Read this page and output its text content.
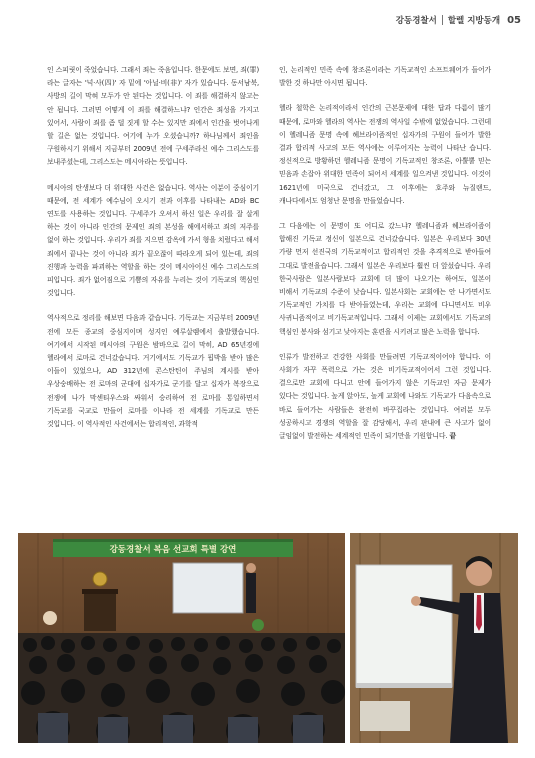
강동경찰서 할렐 지방동개 05

인 스피릿이 죽었습니다. 그래서 죄는 죽음입니다. 한문에도 보면, 죄(罪)라는 글자는 '넉·사(四)' 자 밑에 '아닐·비(非)' 자가 있습니다. 동서남북, 사방의 길이 막혀 모두가 안 된다는 것입니다. 이 죄를 해결하지 않고는 안 됩니다. 그러면 어떻게 이 죄를 해결하느냐? 인간은 죄성을 가지고 있어서, 사람이 죄를 좀 덜 짓게 할 수는 있지만 죄에서 인간을 벗어나게 할 길은 없는 것입니다. 여기에 누가 오셨습니까? 하나님께서 죄인을 구원하시기 위해서 지금부터 2009년 전에 구세주라신 예수 그리스도를 보내주셨는데, 그리스도는 메시아라는 뜻입니다.

메시아의 탄생보다 더 위대한 사건은 없습니다. 역사는 이분이 중심이기 때문에, 전 세계가 예수님이 오시기 전과 이후를 나타내는 AD와 BC 연도를 사용하는 것입니다. 구세주가 오셔서 하신 일은 우리를 잘 살게 하는 것이 아니라 인간의 문제인 죄의 본성을 해에서하고 죄의 저주를 없이 하는 것입니다. 우리가 죄를 지으면 감옥에 가서 형을 치렀다고 해서 죄에서 끝나는 것이 아니라 죄가 끝오잖이 따라오게 되어 있는데, 죄의 진행과 능력을 파괴하는 역할을 하는 것이 메시아이신 예수 그리스도의 피입니다. 죄가 없어짐으로 기쁨의 자유를 누리는 것이 기독교의 핵심인 것입니다.

역사적으로 정리를 해보면 다음과 같습니다. 기독교는 지금부터 2009년 전에 모든 종교의 중심지이며 성지인 예루살렘에서 출발했습니다. 여기에서 시작된 메시아의 구원은 밤바으로 길이 막히, AD 65년경에 헬라에서 로마로 건너갔습니다. 거기에서도 기독교가 핍박을 받아 많은 이들이 있었으나, AD 312년에 콘스탄틴이 주님의 계시를 받아 우상숭배하는 전 로마의 군대에 십자가로 군기를 달고 십자가 복장으로 전쟁에 나가 막센티우스와 싸워서 승리하여 전 로마를 통일하면서 기독교를 국교로 만들어 로마를 이나라 전 세계를 기독교로 만든 것입니다. 이 역사적인 사건에서는 합리적인, 과학적

인, 논리적인 민족 속에 창조론이라는 기독교적인 소프트웨어가 들어가 발한 것 하나만 아시면 됩니다.

헬라 철학은 논리적이라서 인간의 근본문제에 대한 답과 다름이 많기 때문에, 로마와 헬라의 역사는 전쟁의 역사일 수밖에 없었습니다. 그런데 이 헬레니즘 문명 속에 헤브라이즘적인 십자가의 구원이 들어가 발한 결과 합리적 사고의 모든 역사에는 이루어지는 능력이 나타난 습니다. 정신적으로 방황하던 헬레니즘 문명이 기독교적인 창조론, 아뿔뿔 믿는 믿음과 손잡아 위대한 민족이 되어서 세계를 일으켜낸 것입니다. 이것이 1621년에 미국으로 건너갔고, 그 이후에는 호주와 뉴질랜드, 캐나다에서도 엄청난 문명을 만들었습니다.

그 다음에는 이 문명이 또 어디로 갔느냐? 헬레니즘과 헤브라이즘이 합해진 기독교 정신이 일본으로 건너갔습니다. 일본은 우리보다 30년 가량 먼저 선진국의 기독교적이고 합리적인 것을 추격적으로 받아들여 그대로 발전을습니다. 그래서 일본은 우리보다 훨씬 더 앞섰습니다. 우리 한국사람은 일본사람보다 교회에 더 많이 나오기는 하여도, 일본이 비해서 기독교의 수준이 낮습니다. 일본사회는 교회에는 안 나가면서도 기독교적인 가치를 다 받아들였는데, 우리는 교회에 다니면서도 비우 사귀니즘적이고 비기독교적입니다. 그래서 이제는 교회에서도 기독교의 핵심인 봉사와 섬기고 낮아지는 훈련을 시키려고 많은 노력을 합니다.

인류가 발전하고 건강한 사회를 만들려면 기독교적이어야 합니다. 이 사회가 자꾸 폭력으로 가는 것은 비기독교적이어서 그런 것입니다. 결으로만 교회에 다니고 안에 들어가지 않은 기독교인 자금 문제가 있다는 것입니다. 높게 앉아도, 높게 교회에 나와도 기독교가 다음속으로 바로 들어가는 사람들은 완전히 바꾸집라는 것입니다. 여러분 모두 성공하시고 경쟁의 역할을 잘 감당해서, 우리 판내에 큰 사고가 없이 글임없이 발전하는 세계적인 민족이 되기만을 기원합니다. 끝

강동경찰서 복음 선교회 특별 강연
